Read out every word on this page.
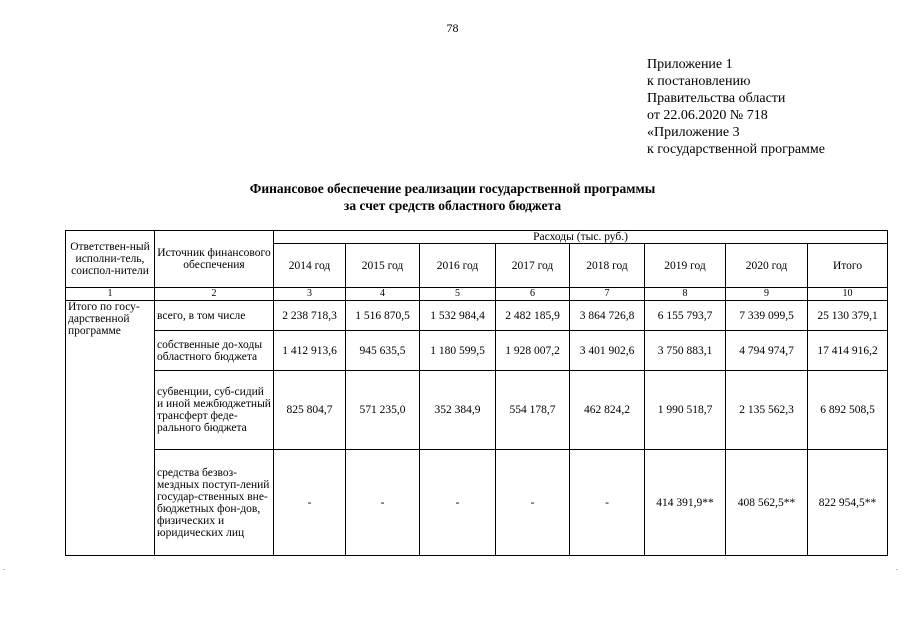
78
Приложение 1
к постановлению
Правительства области
от 22.06.2020 № 718
«Приложение 3
к государственной программе
Финансовое обеспечение реализации государственной программы
за счет средств областного бюджета
.	.
Ответствен-ный исполни-тель, соиспол-нители	Источник финансового обеспечения	Расходы (тыс. руб.)							
		2014 год	2015 год	2016 год	2017 год	2018 год	2019 год	2020 год	Итого
1	2	3	4	5	6	7	8	9	10
Итого по госу-дарственной программе	всего, в том числе	2 238 718,3	1 516 870,5	1 532 984,4	2 482 185,9	3 864 726,8	6 155 793,7	7 339 099,5	25 130 379,1
	собственные до-ходы областного бюджета	1 412 913,6	945 635,5	1 180 599,5	1 928 007,2	3 401 902,6	3 750 883,1	4 794 974,7	17 414 916,2
	субвенции, суб-сидий и иной межбюджетный трансферт феде-рального бюджета	825 804,7	571 235,0	352 384,9	554 178,7	462 824,2	1 990 518,7	2 135 562,3	6 892 508,5
	средства безвоз-мездных поступ-лений государ-ственных вне-бюджетных фон-дов, физических и юридических лиц	-	-	-	-	-	414 391,9**	408 562,5**	822 954,5**
